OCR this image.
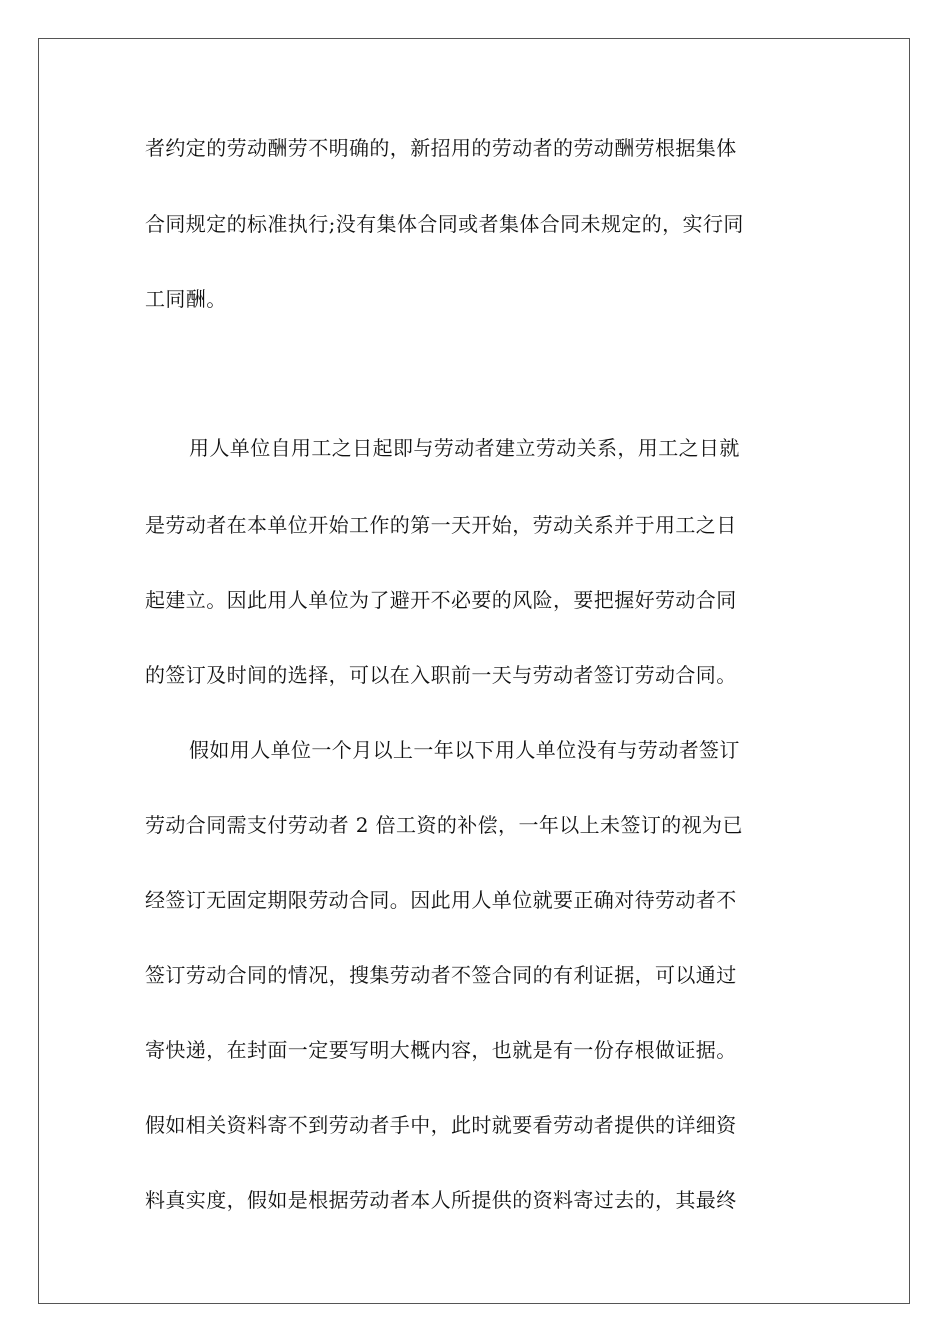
者约定的劳动酬劳不明确的，新招用的劳动者的劳动酬劳根据集体
合同规定的标准执行;没有集体合同或者集体合同未规定的，实行同
工同酬。
用人单位自用工之日起即与劳动者建立劳动关系，用工之日就
是劳动者在本单位开始工作的第一天开始，劳动关系并于用工之日
起建立。因此用人单位为了避开不必要的风险，要把握好劳动合同
的签订及时间的选择，可以在入职前一天与劳动者签订劳动合同。
假如用人单位一个月以上一年以下用人单位没有与劳动者签订
劳动合同需支付劳动者 2 倍工资的补偿，一年以上未签订的视为已
经签订无固定期限劳动合同。因此用人单位就要正确对待劳动者不
签订劳动合同的情况，搜集劳动者不签合同的有利证据，可以通过
寄快递，在封面一定要写明大概内容，也就是有一份存根做证据。
假如相关资料寄不到劳动者手中，此时就要看劳动者提供的详细资
料真实度，假如是根据劳动者本人所提供的资料寄过去的，其最终
